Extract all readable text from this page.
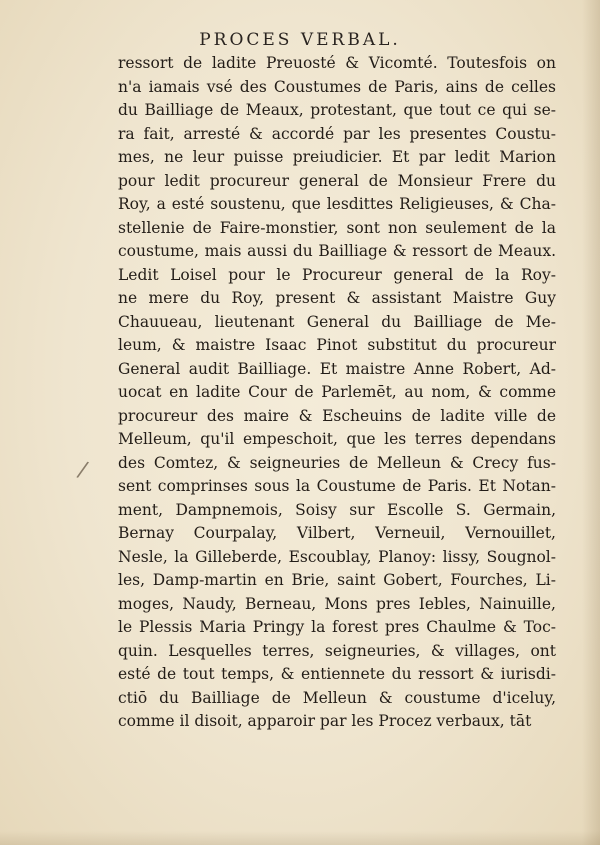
/
PROCES VERBAL.
ressort de ladite Preuosté & Vicomté. Toutesfois on
n'a iamais vsé des Coustumes de Paris, ains de celles
du Bailliage de Meaux, protestant, que tout ce qui se-
ra fait, arresté & accordé par les presentes Coustu-
mes, ne leur puisse preiudicier. Et par ledit Marion
pour ledit procureur general de Monsieur Frere du
Roy, a esté soustenu, que lesdittes Religieuses, & Cha-
stellenie de Faire-monstier, sont non seulement de la
coustume, mais aussi du Bailliage & ressort de Meaux.
Ledit Loisel pour le Procureur general de la Roy-
ne mere du Roy, present & assistant Maistre Guy
Chauueau, lieutenant General du Bailliage de Me-
leum, & maistre Isaac Pinot substitut du procureur
General audit Bailliage. Et maistre Anne Robert, Ad-
uocat en ladite Cour de Parlemēt, au nom, & comme
procureur des maire & Escheuins de ladite ville de
Melleum, qu'il empeschoit, que les terres dependans
des Comtez, & seigneuries de Melleun & Crecy fus-
sent comprinses sous la Coustume de Paris. Et Notan-
ment, Dampnemois, Soisy sur Escolle S. Germain,
Bernay Courpalay, Vilbert, Verneuil, Vernouillet,
Nesle, la Gilleberde, Escoublay, Planoy: lissy, Sougnol-
les, Damp-martin en Brie, saint Gobert, Fourches, Li-
moges, Naudy, Berneau, Mons pres Iebles, Nainuille,
le Plessis Maria Pringy la forest pres Chaulme & Toc-
quin. Lesquelles terres, seigneuries, & villages, ont
esté de tout temps, & entiennete du ressort & iurisdi-
ctiō du Bailliage de Melleun & coustume d'iceluy,
comme il disoit, apparoir par les Procez verbaux, tāt
